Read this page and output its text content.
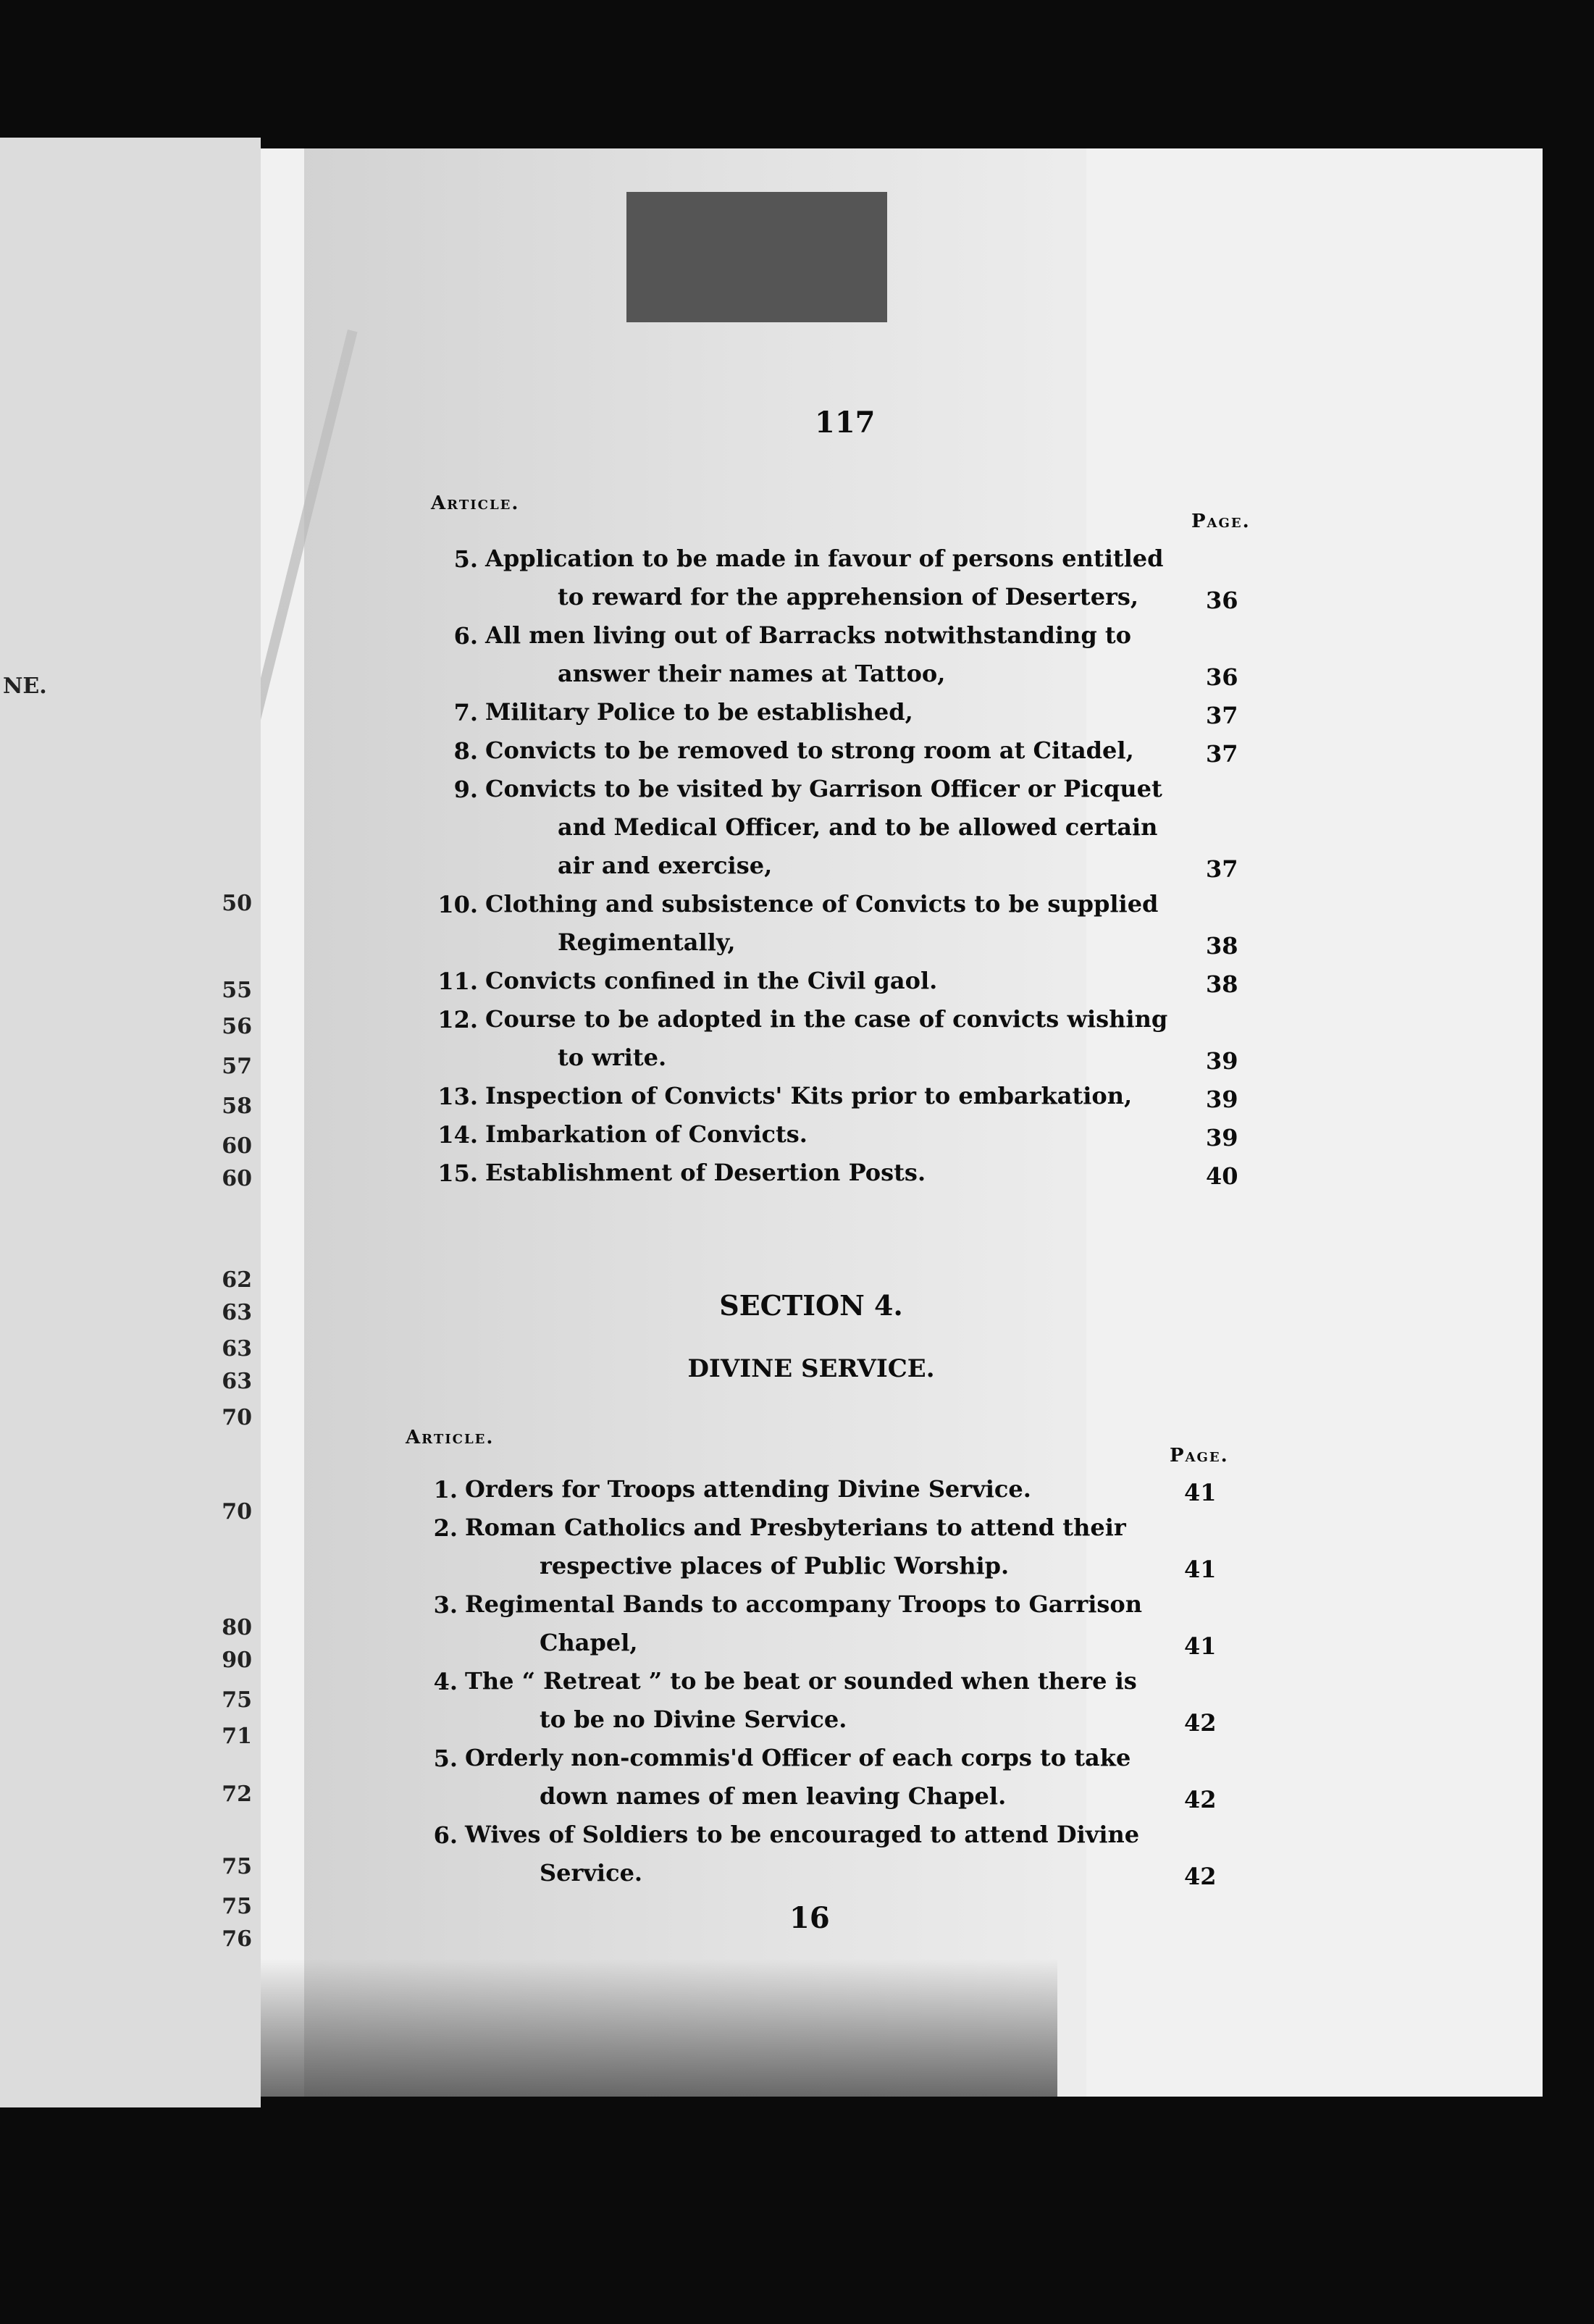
NE.
50
55
56
57
58
60
60
62
63
63
63
70
70
80
90
75
71
72
75
75
76
117
Article.
Page.
5. Application to be made in favour of persons entitled
to reward for the apprehension of Deserters,	36
6. All men living out of Barracks notwithstanding to
answer their names at Tattoo,	36
7. Military Police to be established,	37
8. Convicts to be removed to strong room at Citadel,	37
9. Convicts to be visited by Garrison Officer or Picquet
and Medical Officer, and to be allowed certain
air and exercise,	37
10. Clothing and subsistence of Convicts to be supplied
Regimentally,	38
11. Convicts confined in the Civil gaol.	38
12. Course to be adopted in the case of convicts wishing
to write.	39
13. Inspection of Convicts' Kits prior to embarkation,	39
14. Imbarkation of Convicts.	39
15. Establishment of Desertion Posts.	40
SECTION 4.
DIVINE SERVICE.
Article.
Page.
1. Orders for Troops attending Divine Service.	41
2. Roman Catholics and Presbyterians to attend their
respective places of Public Worship.	41
3. Regimental Bands to accompany Troops to Garrison
Chapel,	41
4. The “ Retreat ” to be beat or sounded when there is
to be no Divine Service.	42
5. Orderly non-commis'd Officer of each corps to take
down names of men leaving Chapel.	42
6. Wives of Soldiers to be encouraged to attend Divine
Service.	42
16
